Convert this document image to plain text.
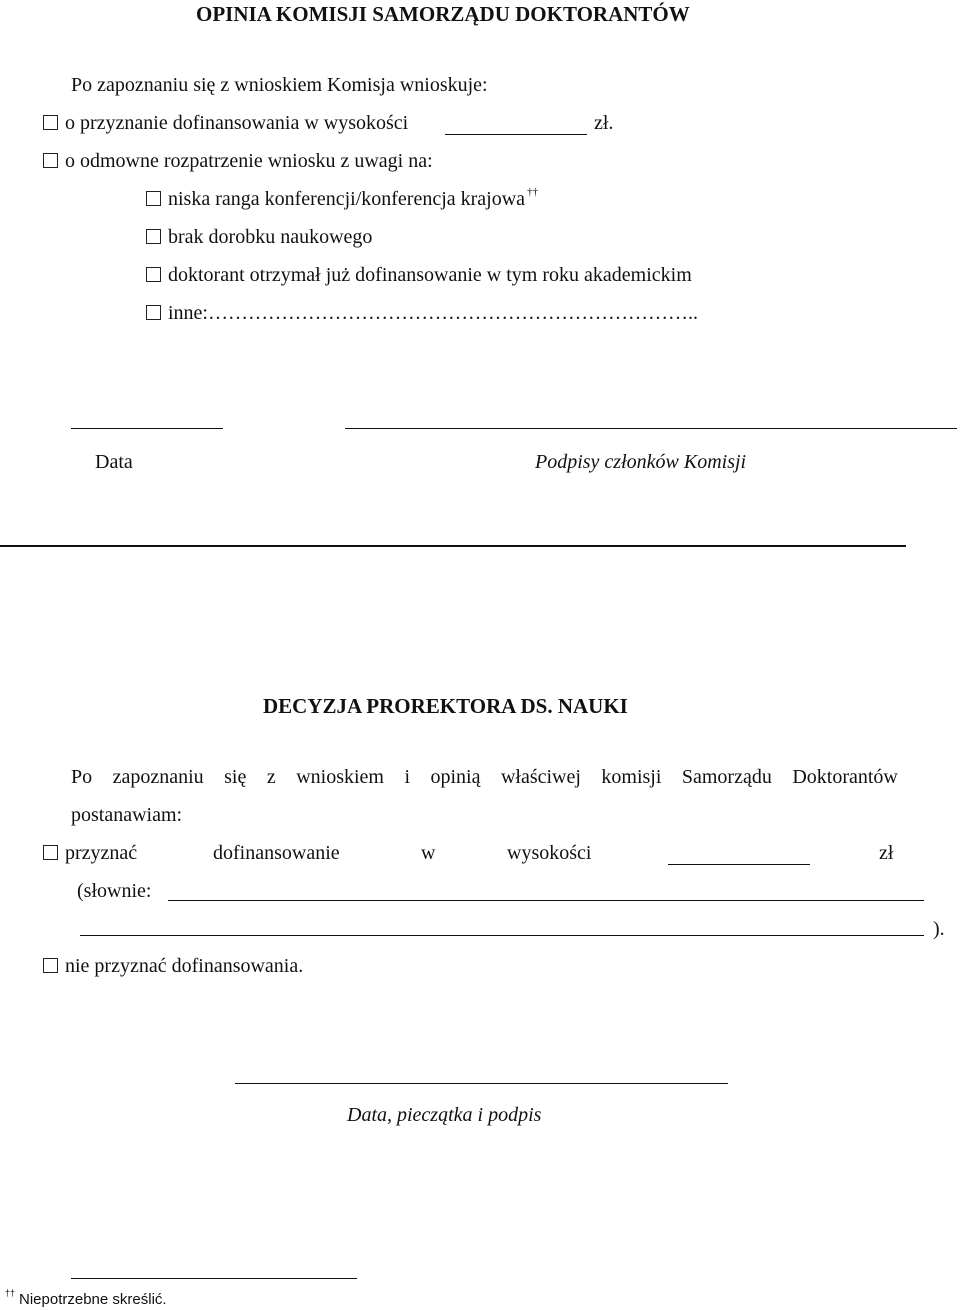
OPINIA KOMISJI SAMORZĄDU DOKTORANTÓW
Po zapoznaniu się z wnioskiem Komisja wnioskuje:
o przyznanie dofinansowania w wysokości	zł.
o odmowne rozpatrzenie wniosku z uwagi na:
niska ranga konferencji/konferencja krajowa ††
brak dorobku naukowego
doktorant otrzymał już dofinansowanie w tym roku akademickim
inne:………………………………………………………………..
Data	Podpisy członków Komisji
DECYZJA PROREKTORA DS. NAUKI
Po zapoznaniu się z wnioskiem i opinią właściwej komisji Samorządu Doktorantów
postanawiam:
przyznać	dofinansowanie	w	wysokości	zł
(słownie:
).
nie przyznać dofinansowania.
Data, pieczątka i podpis
†† Niepotrzebne skreślić.
